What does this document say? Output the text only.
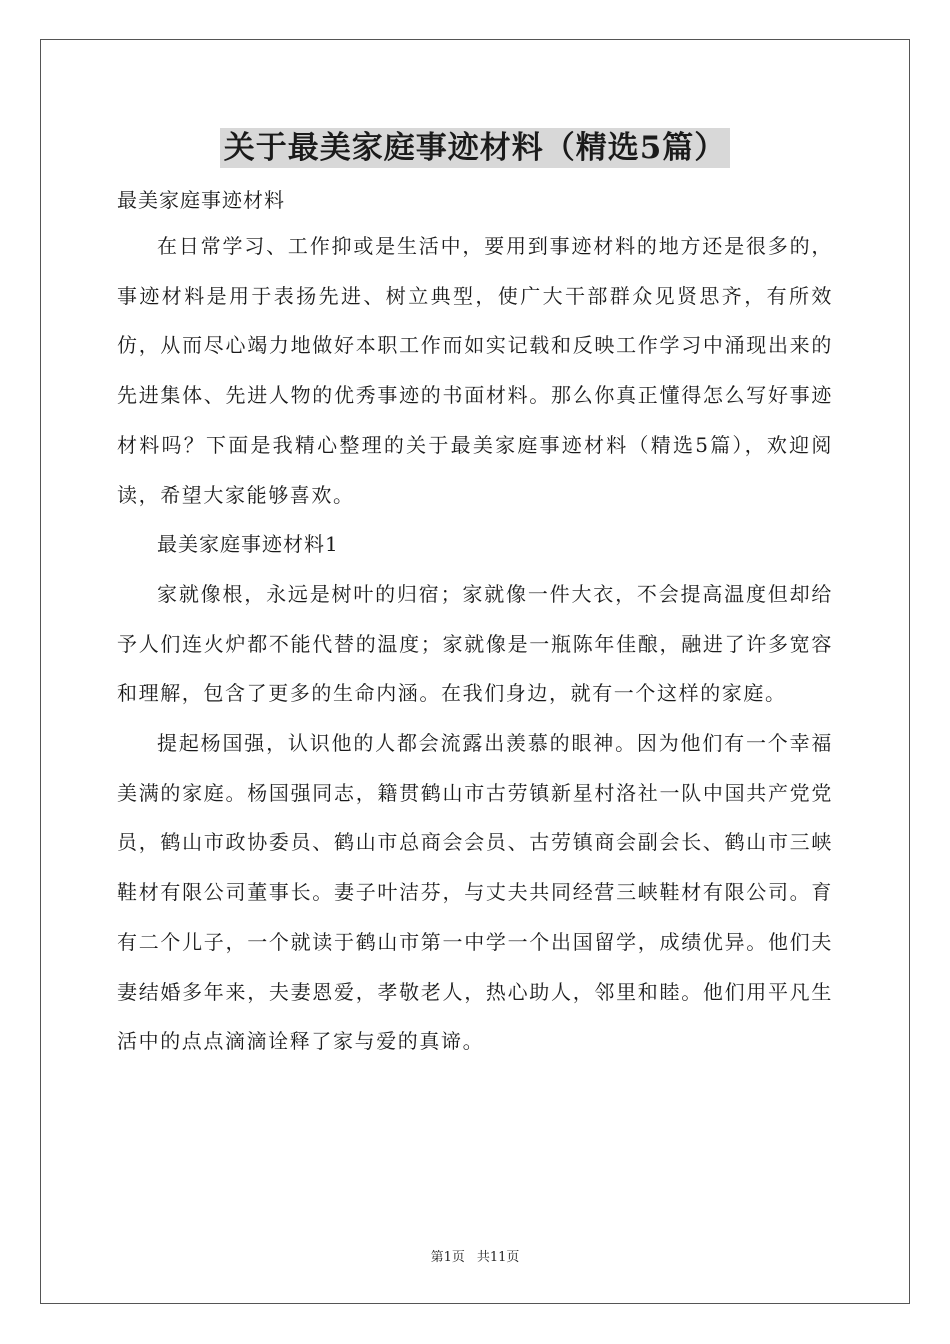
关于最美家庭事迹材料（精选5篇）

最美家庭事迹材料

在日常学习、工作抑或是生活中，要用到事迹材料的地方还是很多的，事迹材料是用于表扬先进、树立典型，使广大干部群众见贤思齐，有所效仿，从而尽心竭力地做好本职工作而如实记载和反映工作学习中涌现出来的先进集体、先进人物的优秀事迹的书面材料。那么你真正懂得怎么写好事迹材料吗？下面是我精心整理的关于最美家庭事迹材料（精选5篇），欢迎阅读，希望大家能够喜欢。

最美家庭事迹材料1

家就像根，永远是树叶的归宿；家就像一件大衣，不会提高温度但却给予人们连火炉都不能代替的温度；家就像是一瓶陈年佳酿，融进了许多宽容和理解，包含了更多的生命内涵。在我们身边，就有一个这样的家庭。

提起杨国强，认识他的人都会流露出羡慕的眼神。因为他们有一个幸福美满的家庭。杨国强同志，籍贯鹤山市古劳镇新星村洛社一队中国共产党党员，鹤山市政协委员、鹤山市总商会会员、古劳镇商会副会长、鹤山市三峡鞋材有限公司董事长。妻子叶洁芬，与丈夫共同经营三峡鞋材有限公司。育有二个儿子，一个就读于鹤山市第一中学一个出国留学，成绩优异。他们夫妻结婚多年来，夫妻恩爱，孝敬老人，热心助人，邻里和睦。他们用平凡生活中的点点滴滴诠释了家与爱的真谛。

第1页 共11页
